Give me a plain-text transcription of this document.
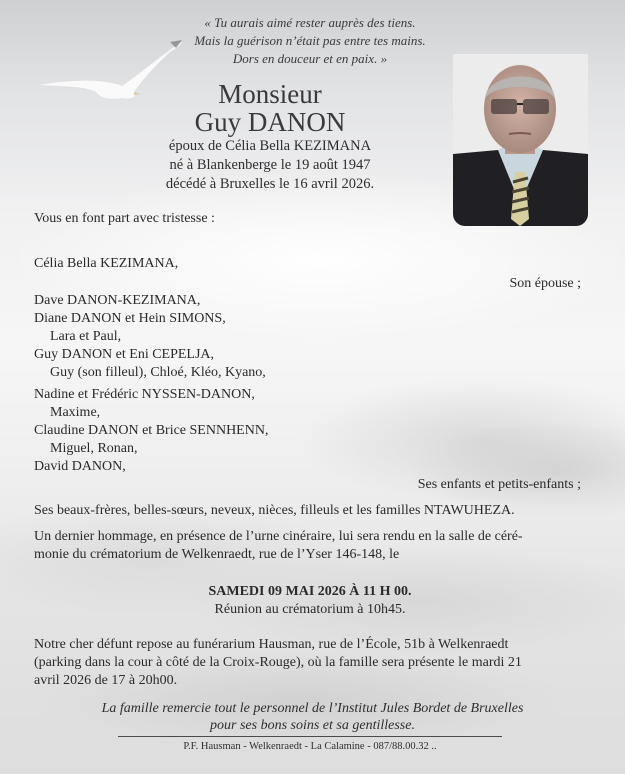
« Tu aurais aimé rester auprès des tiens.
Mais la guérison n’était pas entre tes mains.
Dors en douceur et en paix. »
Monsieur
Guy DANON
époux de Célia Bella KEZIMANA
né à Blankenberge le 19 août 1947
décédé à Bruxelles le 16 avril 2026.
Vous en font part avec tristesse :
Célia Bella KEZIMANA,
Son épouse ;
Dave DANON-KEZIMANA,
Diane DANON et Hein SIMONS,
Lara et Paul,
Guy DANON et Eni CEPELJA,
Guy (son filleul), Chloé, Kléo, Kyano,
Nadine et Frédéric NYSSEN-DANON,
Maxime,
Claudine DANON et Brice SENNHENN,
Miguel, Ronan,
David DANON,
Ses enfants et petits-enfants ;
Ses beaux-frères, belles-sœurs, neveux, nièces, filleuls et les familles NTAWUHEZA.
Un dernier hommage, en présence de l’urne cinéraire, lui sera rendu en la salle de céré-
monie du crématorium de Welkenraedt, rue de l’Yser 146-148, le
SAMEDI 09 MAI 2026 À 11 H 00.
Réunion au crématorium à 10h45.
Notre cher défunt repose au funérarium Hausman, rue de l’École, 51b à Welkenraedt
(parking dans la cour à côté de la Croix-Rouge), où la famille sera présente le mardi 21
avril 2026 de 17 à 20h00.
La famille remercie tout le personnel de l’Institut Jules Bordet de Bruxelles
pour ses bons soins et sa gentillesse.
P.F. Hausman - Welkenraedt - La Calamine - 087/88.00.32 ..
